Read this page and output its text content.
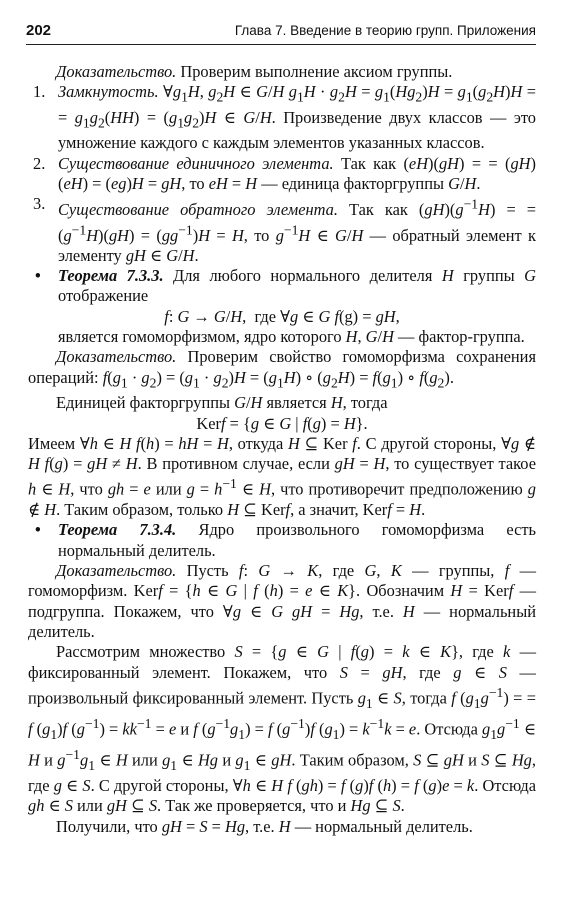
202	Глава 7. Введение в теорию групп. Приложения

Доказательство. Проверим выполнение аксиом группы.

1. Замкнутость. $\forall g_1H$, $g_2H$ ∈ G/H $g_1H \cdot g_2H = g_1(Hg_2)H = g_1(g_2H)H$ = = $g_1g_2(HH) = (g_1g_2)H$ ∈ G/H. Произведение двух классов — это умножение каждого с каждым элементов указанных классов.

2. Существование единичного элемента. Так как (eH)(gH) = = (gH)(eH) = (eg)H = gH, то eH = H — единица факторгруппы G/H.

3. Существование обратного элемента. Так как $(gH)(g^{-1}H)$ = = $(g^{-1}H)(gH) = (gg^{-1})H = H$, то $g^{-1}H$ ∈ G/H — обратный элемент к элементу gH ∈ G/H.

• Теорема 7.3.3. Для любого нормального делителя H группы G отображение

f: G → G/H,  где ∀g ∈ G f(g) = gH,

является гомоморфизмом, ядро которого H, G/H — фактор-группа.

Доказательство. Проверим свойство гомоморфизма сохранения операций: $f(g_1 \cdot g_2) = (g_1 \cdot g_2)H = (g_1H)$ ∘ $(g_2H) = f(g_1)$ ∘ $f(g_2)$.

Единицей факторгруппы G/H является H, тогда

Kerf = {g ∈ G | f(g) = H}.

Имеем ∀h ∈ H f(h) = hH = H, откуда H ⊆ Ker f. С другой стороны, ∀g ∉ H f(g) = gH ≠ H. В противном случае, если gH = H, то существует такое h ∈ H, что gh = e или $g = h^{-1}$ ∈ H, что противоречит предположению g ∉ H. Таким образом, только H ⊆ Kerf, а значит, Kerf = H.

• Теорема 7.3.4. Ядро произвольного гомоморфизма есть нормальный делитель.

Доказательство. Пусть f: G → K, где G, K — группы, f — гомоморфизм. Kerf = {h ∈ G | f (h) = e ∈ K}. Обозначим H = Kerf — подгруппа. Покажем, что ∀g ∈ G gH = Hg, т.е. H — нормальный делитель.

Рассмотрим множество S = {g ∈ G | f(g) = k ∈ K}, где k — фиксированный элемент. Покажем, что S = gH, где g ∈ S — произвольный фиксированный элемент. Пусть $g_1$ ∈ S, тогда f $(g_1g^{-1})$ = = f $(g_1)f$ $(g^{-1}) = kk^{-1} = e$ и f $(g^{-1}g_1) = f$ $(g^{-1})f$ $(g_1) = k^{-1}k = e$. Отсюда $g_1g^{-1}$ ∈ H и $g^{-1}g_1$ ∈ H или $g_1$ ∈ Hg и $g_1$ ∈ gH. Таким образом, S ⊆ gH и S ⊆ Hg, где g ∈ S. С другой стороны, ∀h ∈ H f (gh) = f (g)f (h) = f (g)e = k. Отсюда gh ∈ S или gH ⊆ S. Так же проверяется, что и Hg ⊆ S.

Получили, что gH = S = Hg, т.е. H — нормальный делитель.
